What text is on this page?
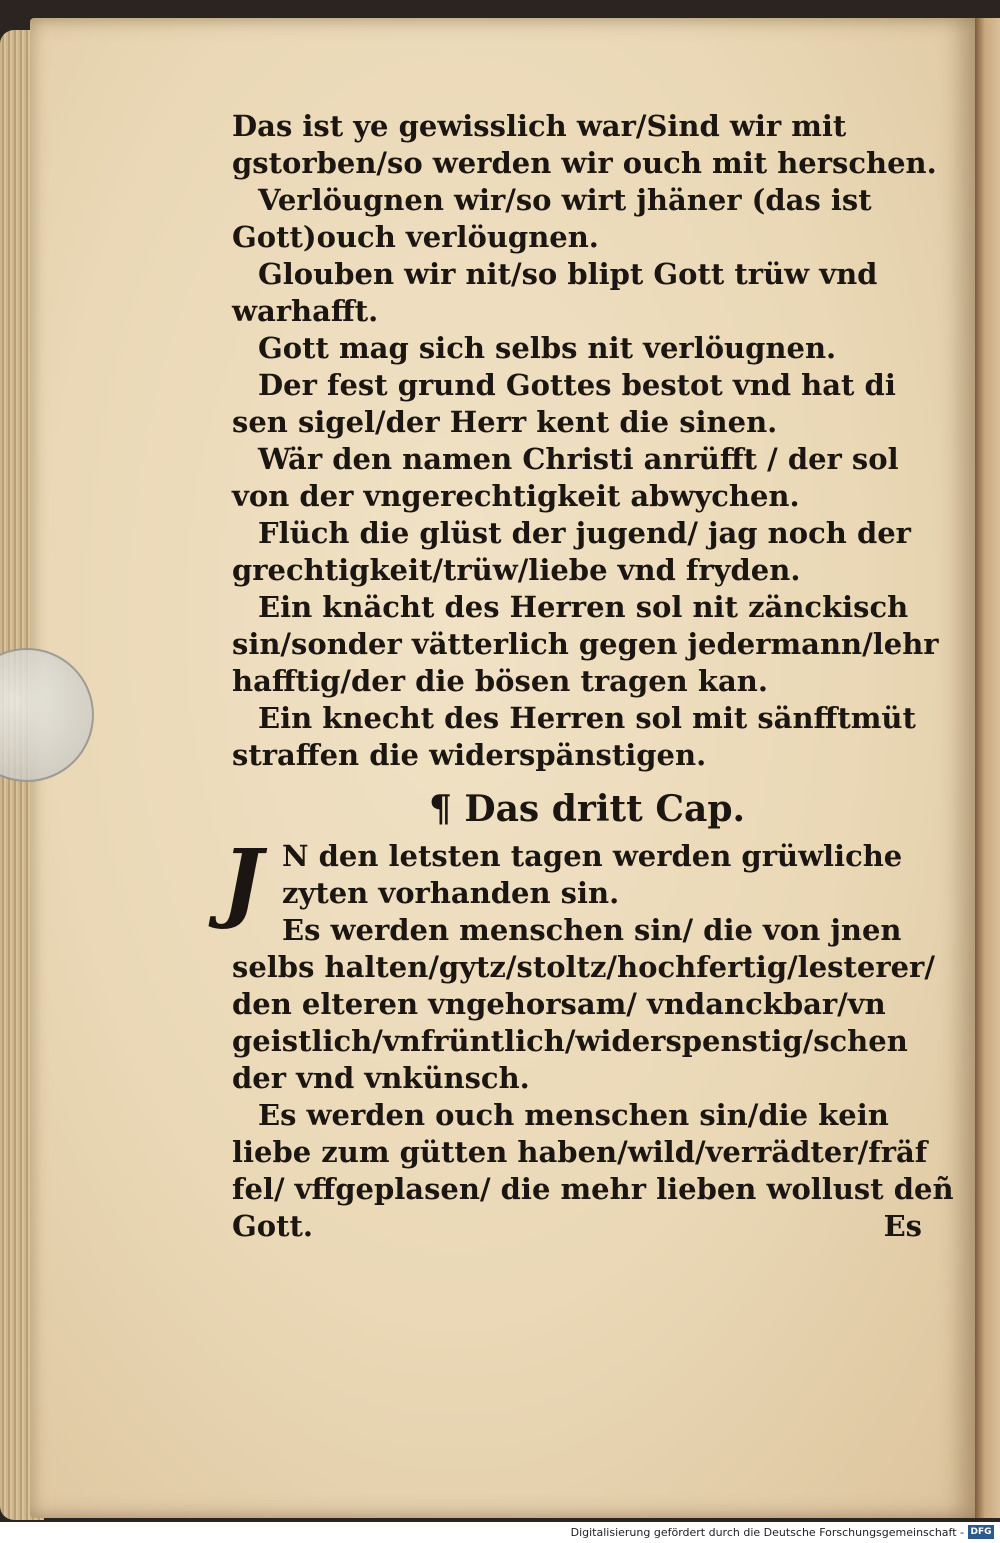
Das ist ye gewisslich war/Sind wir mit
gstorben/so werden wir ouch mit herschen.
Verlöugnen wir/so wirt jhäner (das ist
Gott)ouch verlöugnen.
Glouben wir nit/so blipt Gott trüw vnd
warhafft.
Gott mag sich selbs nit verlöugnen.
Der fest grund Gottes bestot vnd hat di
sen sigel/der Herr kent die sinen.
Wär den namen Christi anrüfft / der sol
von der vngerechtigkeit abwychen.
Flüch die glüst der jugend/ jag noch der
grechtigkeit/trüw/liebe vnd fryden.
Ein knächt des Herren sol nit zänckisch
sin/sonder vätterlich gegen jedermann/lehr
hafftig/der die bösen tragen kan.
Ein knecht des Herren sol mit sänfftmüt
straffen die widerspänstigen.
¶ Das dritt Cap.
J N den letsten tagen werden grüwliche
zyten vorhanden sin.
Es werden menschen sin/ die von jnen
selbs halten/gytz/stoltz/hochfertig/lesterer/
den elteren vngehorsam/ vndanckbar/vn
geistlich/vnfrüntlich/widerspenstig/schen
der vnd vnkünsch.
Es werden ouch menschen sin/die kein
liebe zum gütten haben/wild/verrädter/fräf
fel/ vffgeplasen/ die mehr lieben wollust deñ
Gott.	Es
Digitalisierung gefördert durch die Deutsche Forschungsgemeinschaft - DFG
